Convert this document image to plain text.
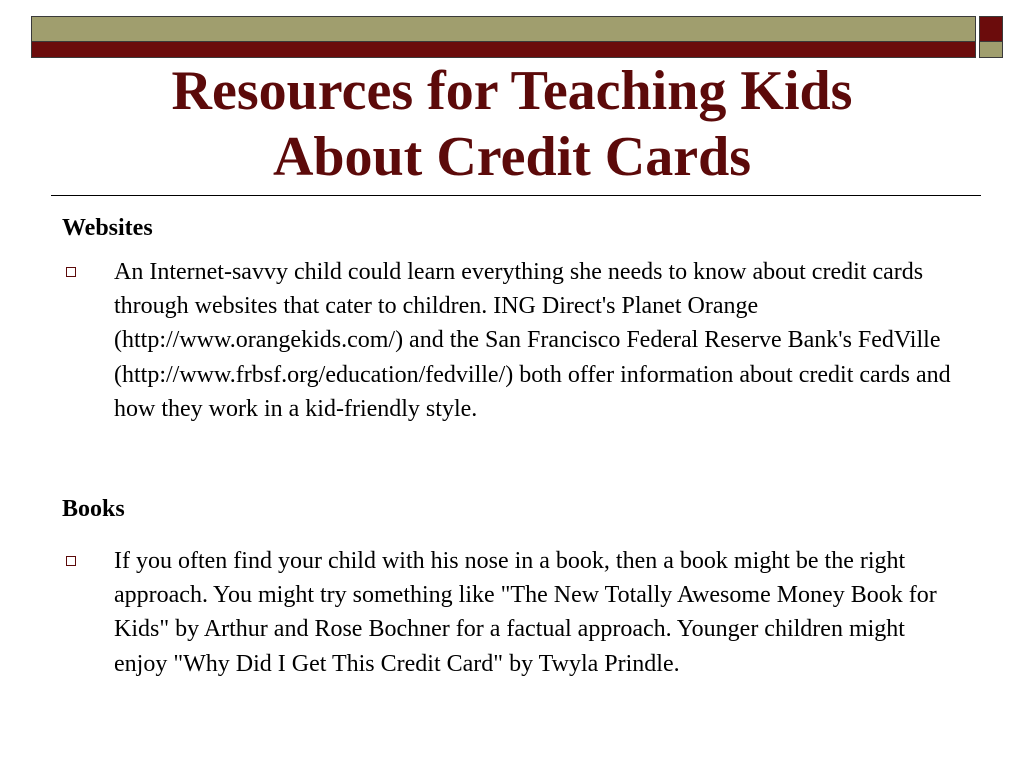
Resources for Teaching Kids
About Credit Cards

Websites

An Internet-savvy child could learn everything she needs to know about credit cards through websites that cater to children. ING Direct's Planet Orange (http://www.orangekids.com/) and the San Francisco Federal Reserve Bank's FedVille (http://www.frbsf.org/education/fedville/) both offer information about credit cards and how they work in a kid-friendly style.

Books

If you often find your child with his nose in a book, then a book might be the right approach. You might try something like "The New Totally Awesome Money Book for Kids" by Arthur and Rose Bochner for a factual approach. Younger children might enjoy "Why Did I Get This Credit Card" by Twyla Prindle.
